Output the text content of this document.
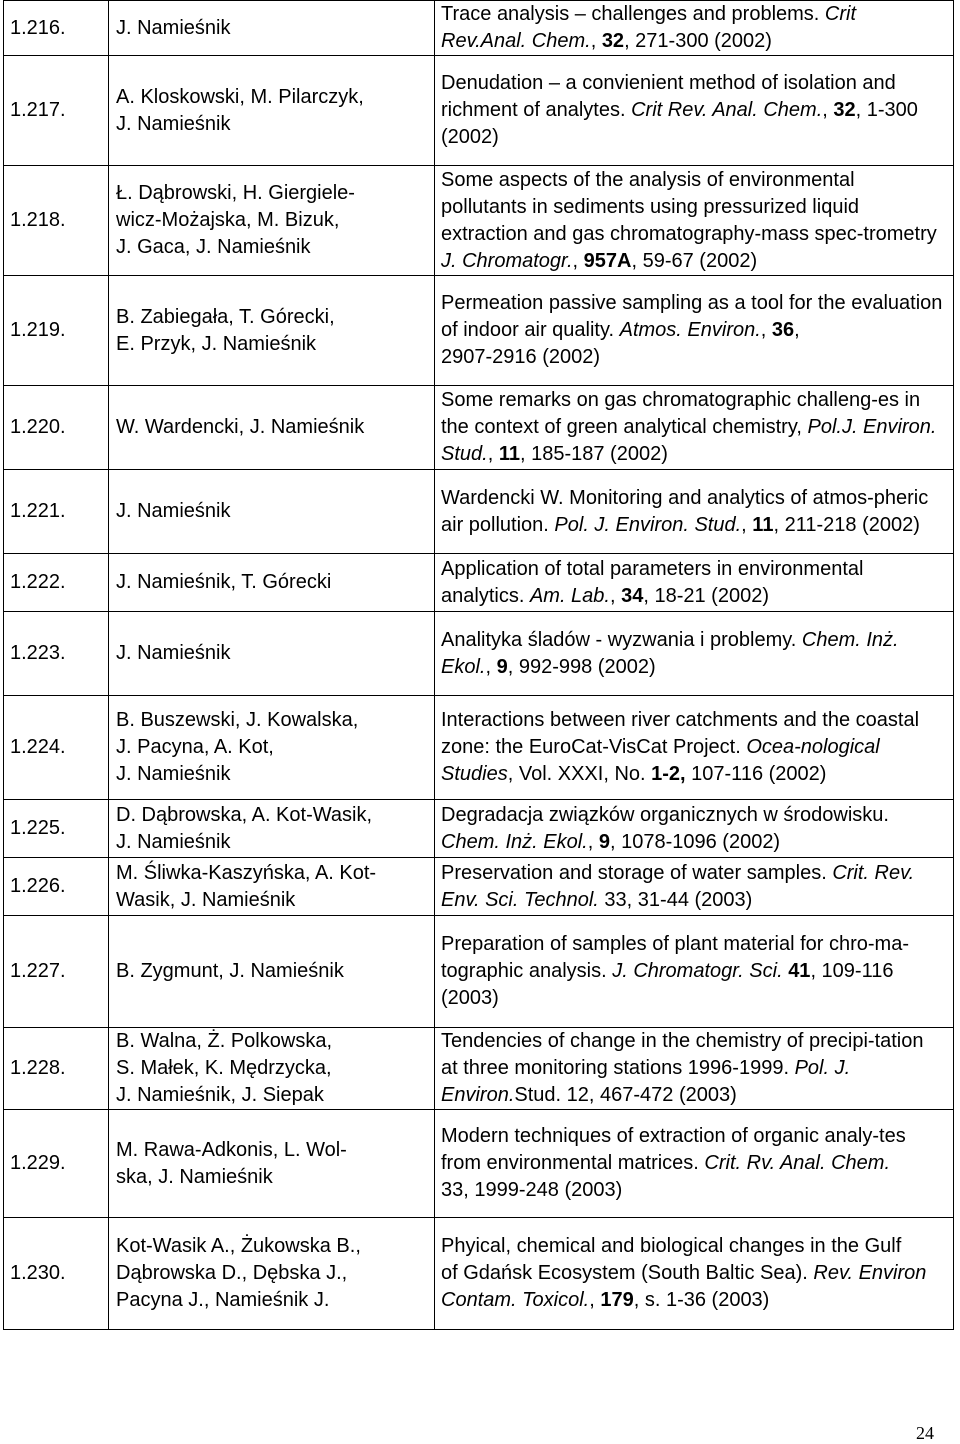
1.216.	J. Namieśnik	Trace analysis – challenges and problems. Crit Rev.Anal. Chem., 32, 271-300 (2002)
1.217.	A. Kloskowski, M. Pilarczyk,
J. Namieśnik	Denudation – a convienient method of isolation and
richment of analytes. Crit Rev. Anal. Chem., 32, 1-300 (2002)
1.218.	Ł. Dąbrowski, H. Giergiele-
wicz-Możajska, M. Bizuk,
J. Gaca, J. Namieśnik	Some aspects of the analysis of environmental pollutants in sediments using pressurized liquid extraction and gas chromatography-mass spec-trometry J. Chromatogr., 957A, 59-67 (2002)
1.219.	B. Zabiegała, T. Górecki,
E. Przyk, J. Namieśnik	Permeation passive sampling as a tool for the evaluation of indoor air quality. Atmos. Environ., 36,
2907-2916 (2002)
1.220.	W. Wardencki, J. Namieśnik	Some remarks on gas chromatographic challeng-es in the context of green analytical chemistry, Pol.J. Environ. Stud., 11, 185-187 (2002)
1.221.	J. Namieśnik	Wardencki W. Monitoring and analytics of atmos-pheric air pollution. Pol. J. Environ. Stud., 11, 211-218 (2002)
1.222.	J. Namieśnik, T. Górecki	Application of total parameters in environmental analytics. Am. Lab., 34, 18-21 (2002)
1.223.	J. Namieśnik	Analityka śladów - wyzwania i problemy. Chem. Inż.
Ekol., 9, 992-998 (2002)
1.224.	B. Buszewski, J. Kowalska,
J. Pacyna, A. Kot,
J. Namieśnik	Interactions between river catchments and the coastal zone: the EuroCat-VisCat Project. Ocea-nological Studies, Vol. XXXI, No. 1-2, 107-116 (2002)
1.225.	D. Dąbrowska, A. Kot-Wasik,
J. Namieśnik	Degradacja związków organicznych w środowisku. Chem. Inż. Ekol., 9, 1078-1096 (2002)
1.226.	M. Śliwka-Kaszyńska, A. Kot-
Wasik, J. Namieśnik	Preservation and storage of water samples. Crit. Rev. Env. Sci. Technol. 33, 31-44 (2003)
1.227.	B. Zygmunt, J. Namieśnik	Preparation of samples of plant material for chro-ma-
tographic analysis. J. Chromatogr. Sci. 41, 109-116 (2003)
1.228.	B. Walna, Ż. Polkowska,
S. Małek, K. Mędrzycka,
J. Namieśnik, J. Siepak	Tendencies of change in the chemistry of precipi-tation at three monitoring stations 1996-1999. Pol. J. Environ.Stud. 12, 467-472 (2003)
1.229.	M. Rawa-Adkonis, L. Wol-
ska, J. Namieśnik	Modern techniques of extraction of organic analy-tes
from environmental matrices. Crit. Rv. Anal. Chem.
33, 1999-248 (2003)
1.230.	Kot-Wasik A., Żukowska B.,
Dąbrowska D., Dębska J.,
Pacyna J., Namieśnik J.	Phyical, chemical and biological changes in the Gulf
of Gdańsk Ecosystem (South Baltic Sea). Rev. Environ Contam. Toxicol., 179, s. 1-36 (2003)
24
